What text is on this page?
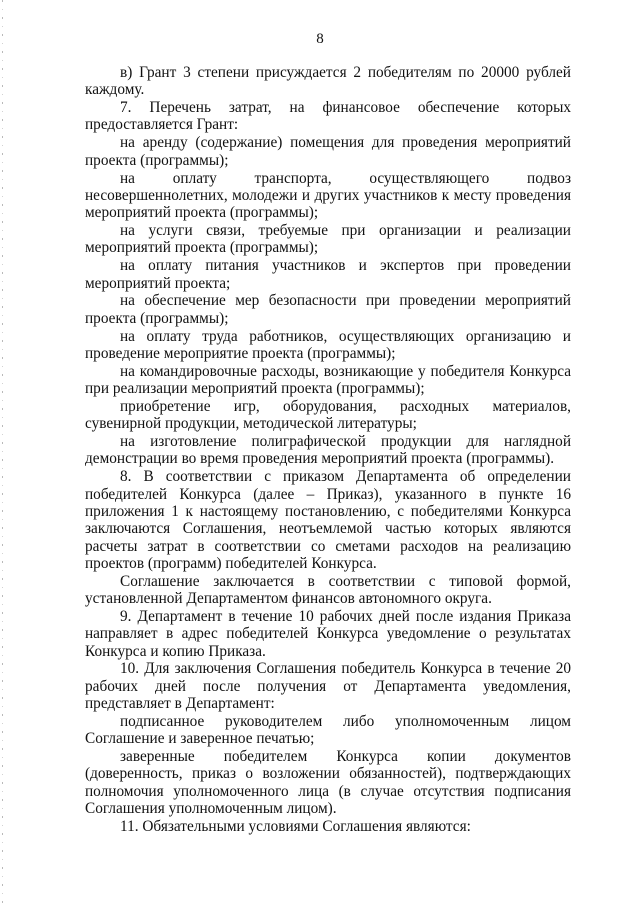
8

в) Грант 3 степени присуждается 2 победителям по 20000 рублей каждому.

7. Перечень затрат, на финансовое обеспечение которых предоставляется Грант:

на аренду (содержание) помещения для проведения мероприятий проекта (программы);

на оплату транспорта, осуществляющего подвоз несовершеннолетних, молодежи и других участников к месту проведения мероприятий проекта (программы);

на услуги связи, требуемые при организации и реализации мероприятий проекта (программы);

на оплату питания участников и экспертов при проведении мероприятий проекта;

на обеспечение мер безопасности при проведении мероприятий проекта (программы);

на оплату труда работников, осуществляющих организацию и проведение мероприятие проекта (программы);

на командировочные расходы, возникающие у победителя Конкурса при реализации мероприятий проекта (программы);

приобретение игр, оборудования, расходных материалов, сувенирной продукции, методической литературы;

на изготовление полиграфической продукции для наглядной демонстрации во время проведения мероприятий проекта (программы).

8. В соответствии с приказом Департамента об определении победителей Конкурса (далее – Приказ), указанного в пункте 16 приложения 1 к настоящему постановлению, с победителями Конкурса заключаются Соглашения, неотъемлемой частью которых являются расчеты затрат в соответствии со сметами расходов на реализацию проектов (программ) победителей Конкурса.

Соглашение заключается в соответствии с типовой формой, установленной Департаментом финансов автономного округа.

9. Департамент в течение 10 рабочих дней после издания Приказа направляет в адрес победителей Конкурса уведомление о результатах Конкурса и копию Приказа.

10. Для заключения Соглашения победитель Конкурса в течение 20 рабочих дней после получения от Департамента уведомления, представляет в Департамент:

подписанное руководителем либо уполномоченным лицом Соглашение и заверенное печатью;

заверенные победителем Конкурса копии документов (доверенность, приказ о возложении обязанностей), подтверждающих полномочия уполномоченного лица (в случае отсутствия подписания Соглашения уполномоченным лицом).

11. Обязательными условиями Соглашения являются:
